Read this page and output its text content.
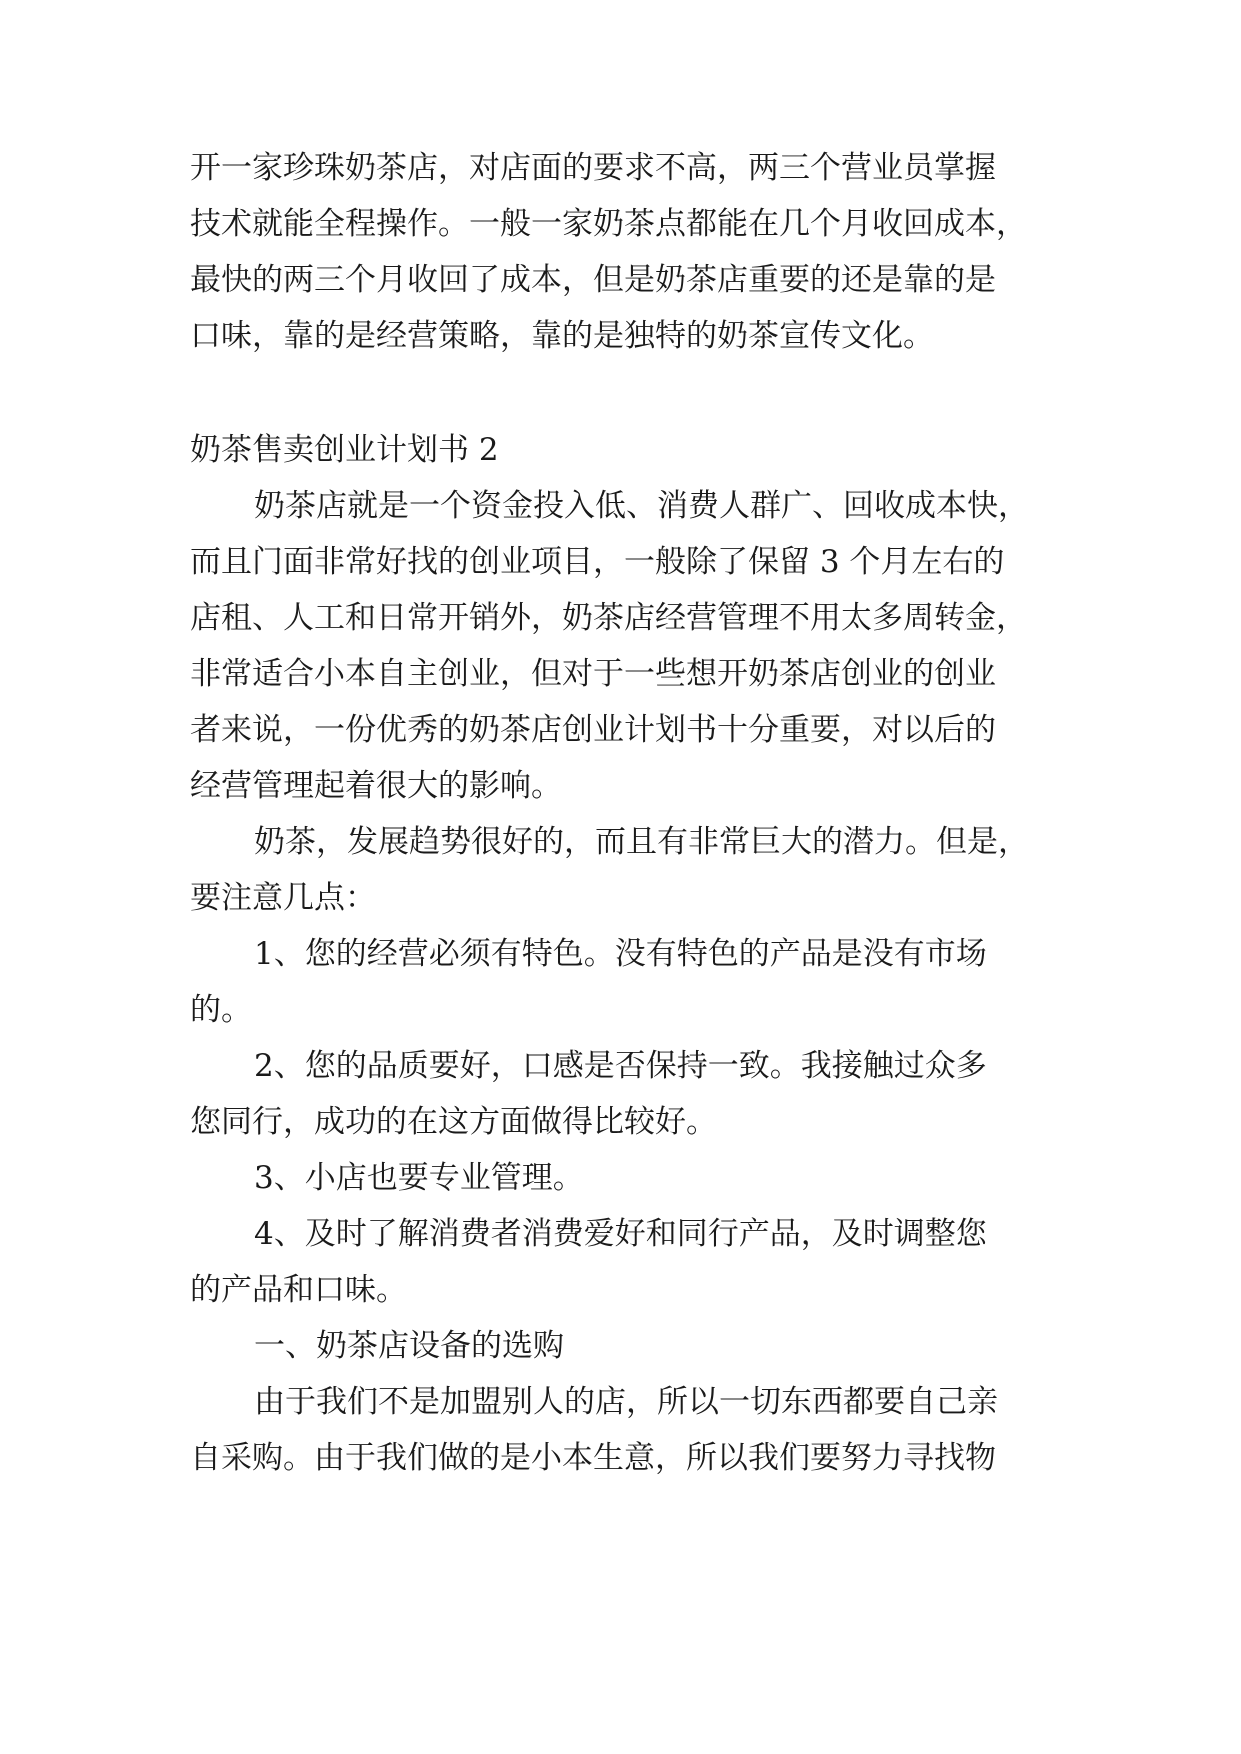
开一家珍珠奶茶店，对店面的要求不高，两三个营业员掌握
技术就能全程操作。一般一家奶茶点都能在几个月收回成本，
最快的两三个月收回了成本，但是奶茶店重要的还是靠的是
口味，靠的是经营策略，靠的是独特的奶茶宣传文化。
奶茶售卖创业计划书 2
奶茶店就是一个资金投入低、消费人群广、回收成本快，
而且门面非常好找的创业项目，一般除了保留 3 个月左右的
店租、人工和日常开销外，奶茶店经营管理不用太多周转金，
非常适合小本自主创业，但对于一些想开奶茶店创业的创业
者来说，一份优秀的奶茶店创业计划书十分重要，对以后的
经营管理起着很大的影响。
奶茶，发展趋势很好的，而且有非常巨大的潜力。但是，
要注意几点：
1、您的经营必须有特色。没有特色的产品是没有市场
的。
2、您的品质要好，口感是否保持一致。我接触过众多
您同行，成功的在这方面做得比较好。
3、小店也要专业管理。
4、及时了解消费者消费爱好和同行产品，及时调整您
的产品和口味。
一、奶茶店设备的选购
由于我们不是加盟别人的店，所以一切东西都要自己亲
自采购。由于我们做的是小本生意，所以我们要努力寻找物
